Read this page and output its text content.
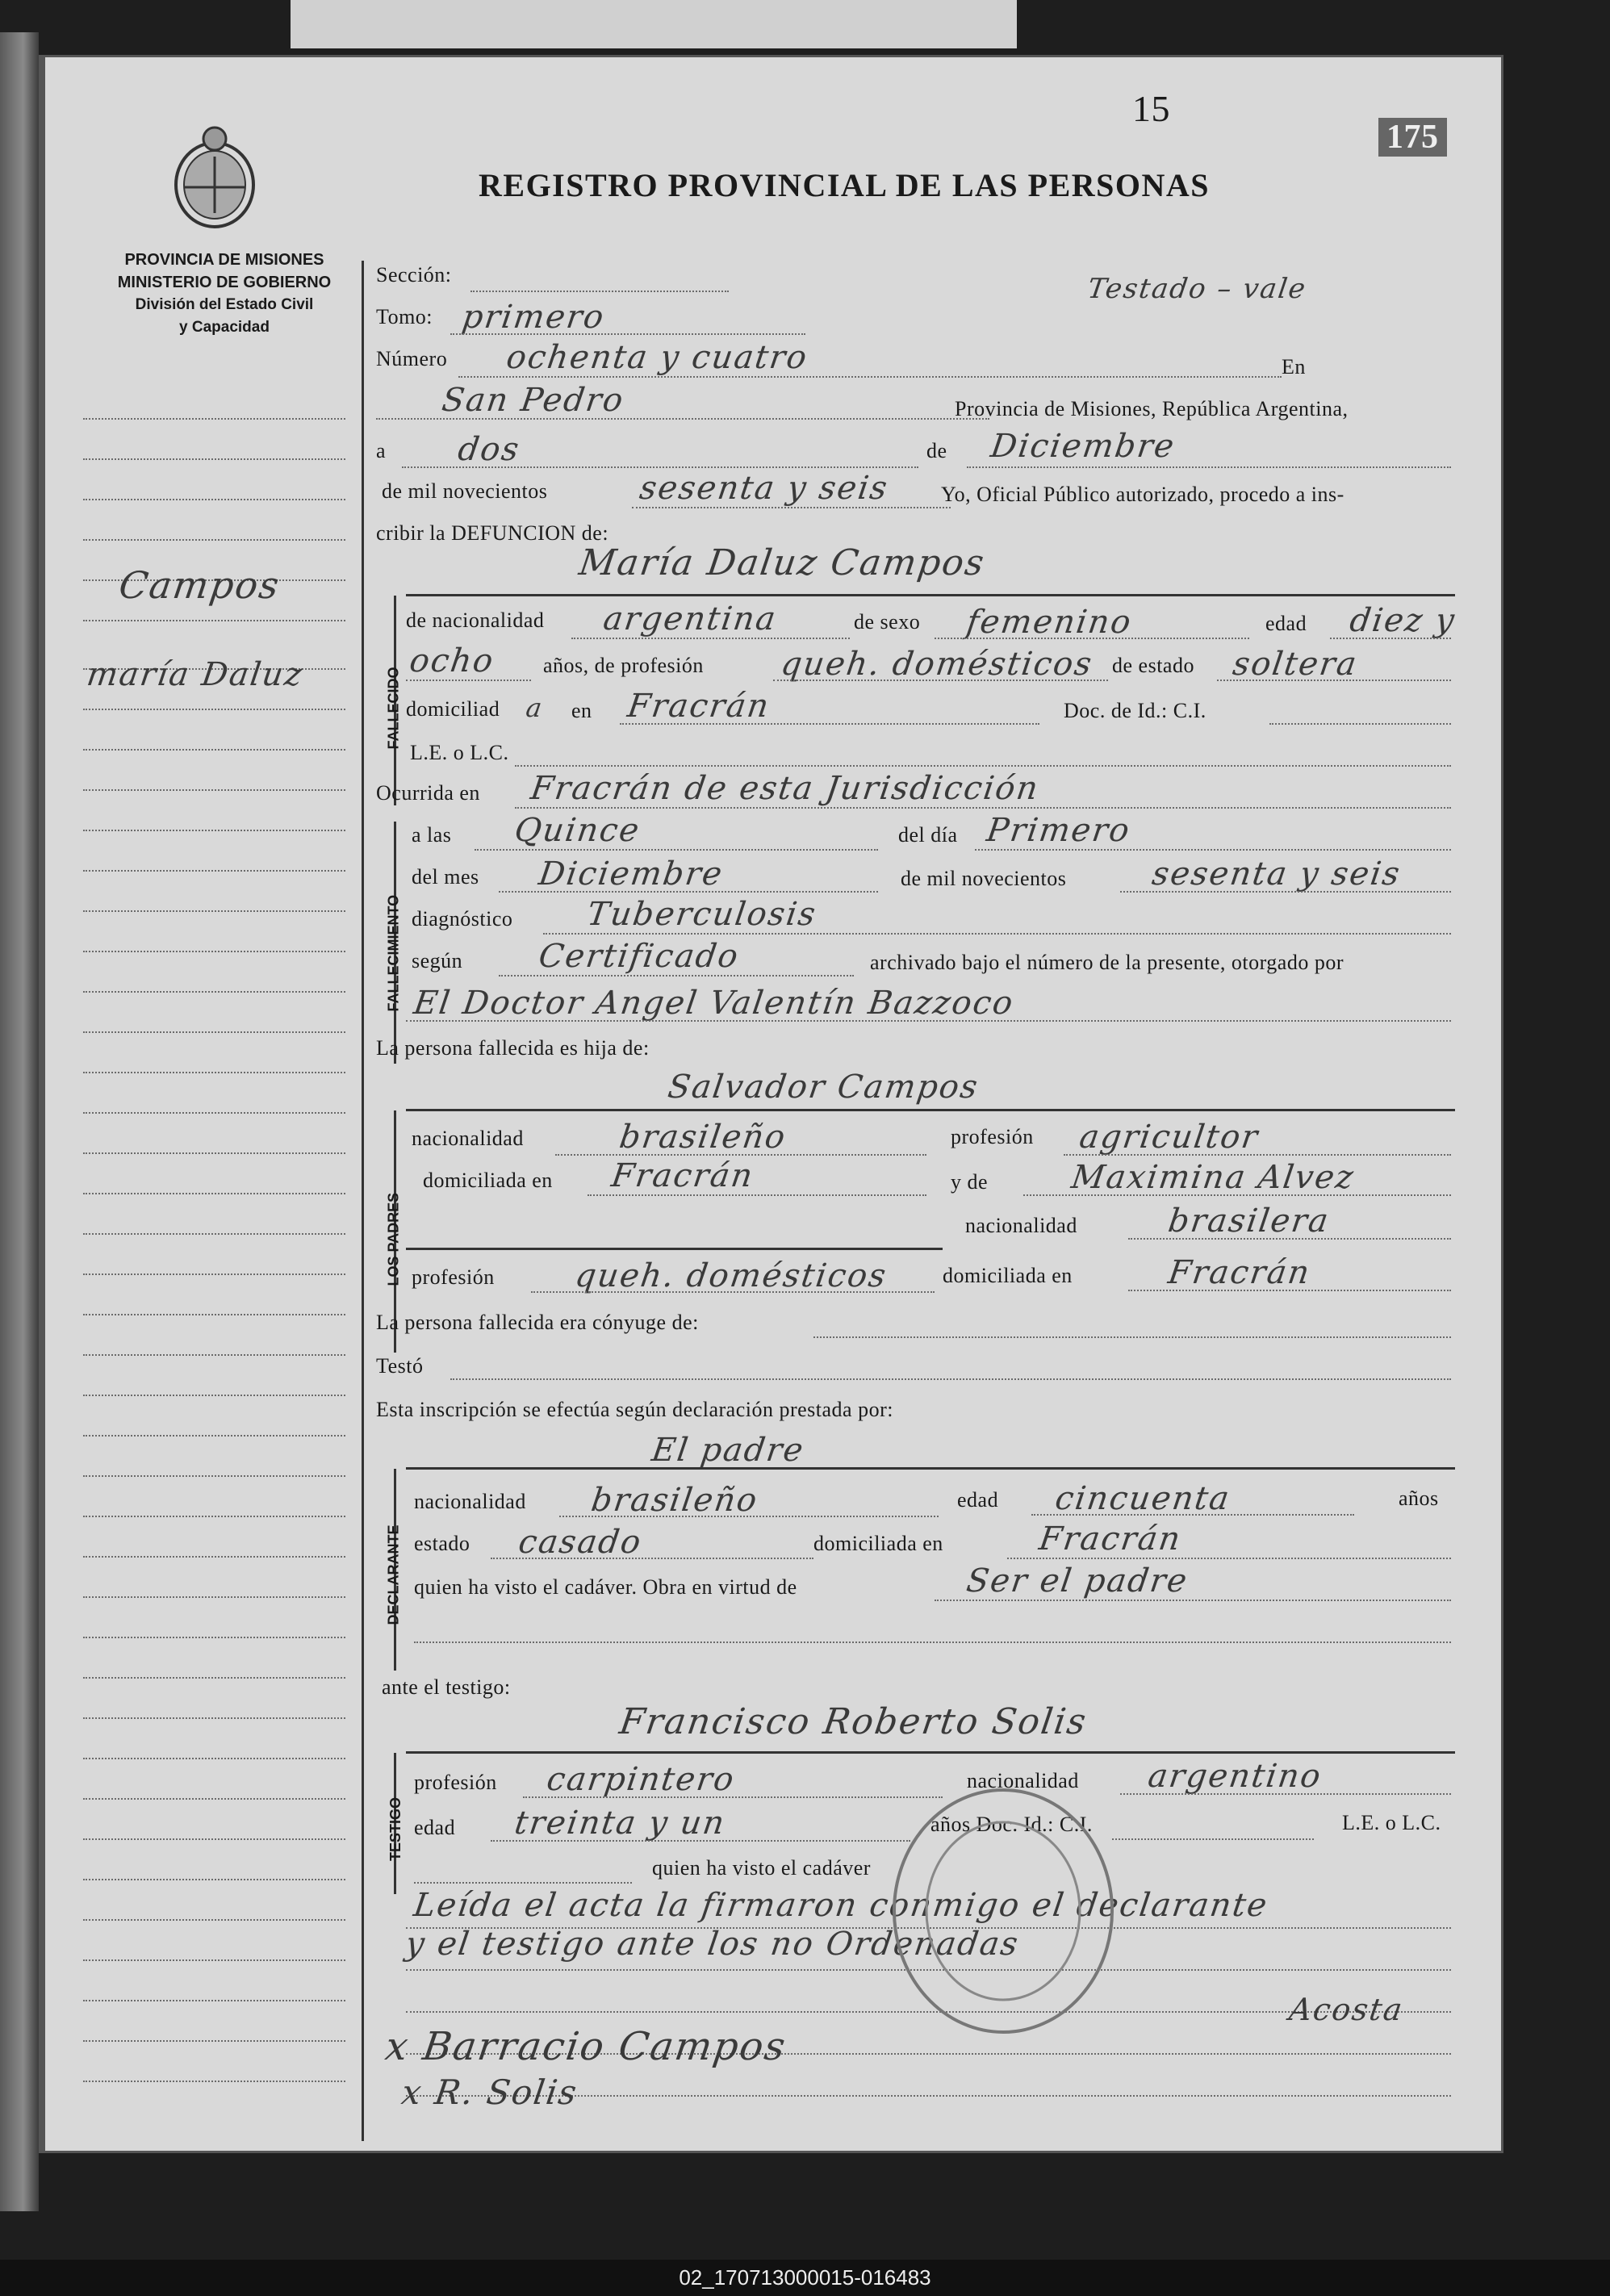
PROVINCIA DE MISIONES
MINISTERIO DE GOBIERNO
División del Estado Civil
y Capacidad
15
175
REGISTRO PROVINCIAL DE LAS PERSONAS
Testado – vale
Campos
maría Daluz
Sección:
Tomo: primero
Número ochenta y cuatro	En
San Pedro	Provincia de Misiones, República Argentina,
a dos	de Diciembre
de mil novecientos	sesenta y seis Yo, Oficial Público autorizado, procedo a ins-
cribir la DEFUNCION de:
María Daluz Campos
FALLECIDO
de nacionalidad argentina	de sexo femenino	edad diez y
ocho años, de profesión queh. domésticos de estado soltera
domiciliad a en Fracrán	Doc. de Id.: C.I.
L.E. o L.C.
Ocurrida en Fracrán de esta Jurisdicción
FALLECIMIENTO
a las Quince	del día Primero
del mes Diciembre	de mil novecientos	sesenta y seis
diagnóstico Tuberculosis
según Certificado	archivado bajo el número de la presente, otorgado por
El Doctor Angel Valentín Bazzoco
La persona fallecida es hija de:
Salvador Campos
LOS PADRES
nacionalidad	brasileño	profesión agricultor
domiciliada en Fracrán	y de	Maximina Alvez
nacionalidad	brasilera
profesión queh. domésticos	domiciliada en	Fracrán
La persona fallecida era cónyuge de:
Testó
Esta inscripción se efectúa según declaración prestada por:
El padre
DECLARANTE
nacionalidad brasileño	edad cincuenta	años
estado casado	domiciliada en	Fracrán
quien ha visto el cadáver. Obra en virtud de	Ser el padre
ante el testigo:
Francisco Roberto Solis
TESTIGO
profesión carpintero	nacionalidad argentino
edad treinta y un	años Doc. Id.: C.I.	L.E. o L.C.
quien ha visto el cadáver
Leída el acta la firmaron conmigo el declarante
y el testigo ante los no Ordenadas
Acosta
x Barracio Campos
x R. Solis
02_170713000015-016483
